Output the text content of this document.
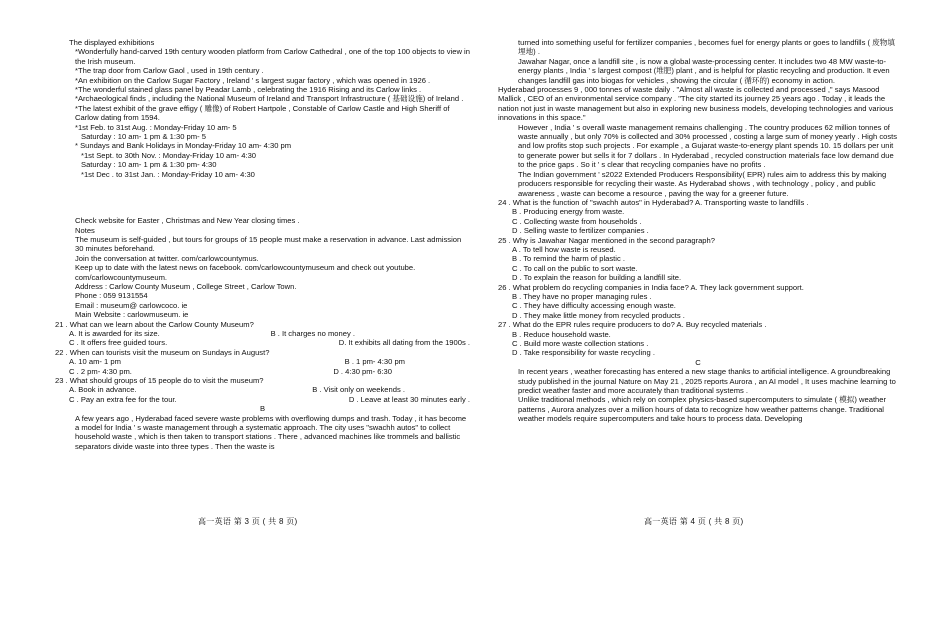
The displayed exhibitions

*Wonderfully hand-carved 19th century wooden platform from Carlow Cathedral , one of the top 100 objects to view in the Irish museum.

*The trap door from Carlow Gaol , used in 19th century .

*An exhibition on the Carlow Sugar Factory , Ireland ' s largest sugar factory , which was opened in 1926 .

*The wonderful stained glass panel by Peadar Lamb , celebrating the 1916 Rising and its Carlow links .

*Archaeological finds , including the National Museum of Ireland and Transport Infrastructure ( 基础设施) of Ireland .

*The latest exhibit of the grave effigy ( 雕像) of Robert Hartpole , Constable of Carlow Castle and High Sheriff of Carlow dating from 1594.

*1st Feb. to 31st Aug. : Monday-Friday 10 am- 5

Saturday : 10 am- 1 pm & 1:30 pm- 5

* Sundays and Bank Holidays in Monday-Friday 10 am- 4:30 pm

*1st Sept. to 30th Nov. : Monday-Friday 10 am- 4:30

Saturday : 10 am- 1 pm & 1:30 pm- 4:30

*1st Dec . to 31st Jan. : Monday-Friday 10 am- 4:30

Check website for Easter , Christmas and New Year closing times .

Notes

The museum is self-guided , but tours for groups of 15 people must make a reservation in advance. Last admission 30 minutes beforehand.

Join the conversation at twitter. com/carlowcountymus.

Keep up to date with the latest news on facebook. com/carlowcountymuseum and check out youtube. com/carlowcountymuseum.

Address : Carlow County Museum , College Street , Carlow Town.

Phone : 059 9131554

Email : museum@ carlowcoco. ie

Main Website : carlowmuseum. ie

21 . What can we learn about the Carlow County Museum?

A. It is awarded for its size.	B . It charges no money .
C . It offers free guided tours.	D. It exhibits all dating from the 1900s .

22 . When can tourists visit the museum on Sundays in August?

A. 10 am- 1 pm	B . 1 pm- 4:30 pm
C . 2 pm- 4:30 pm.	D . 4:30 pm- 6:30

23 . What should groups of 15 people do to visit the museum?

A. Book in advance.	B . Visit only on weekends .
C . Pay an extra fee for the tour.	D . Leave at least 30 minutes early .

B

A few years ago , Hyderabad faced severe waste problems with overflowing dumps and trash. Today , it has become a model for India ' s waste management through a systematic approach. The city uses "swachh autos" to collect household waste , which is then taken to transport stations . There , advanced machines like trommels and ballistic separators divide waste into three types . Then the waste is

turned into something useful for fertilizer companies , becomes fuel for energy plants or goes to landfills ( 废物填埋地) .

Jawahar Nagar, once a landfill site , is now a global waste-processing center. It includes two 48 MW waste-to-energy plants , India ' s largest compost (堆肥) plant , and is helpful for plastic recycling and production. It even changes landfill gas into biogas for vehicles , showing the circular ( 循环的) economy in action.

Hyderabad processes 9 , 000 tonnes of waste daily . "Almost all waste is collected and processed ," says Masood Mallick , CEO of an environmental service company . "The city started its journey 25 years ago . Today , it leads the nation not just in waste management but also in exploring new business models, developing technologies and various innovations in this space."

However , India ' s overall waste management remains challenging . The country produces 62 million tonnes of waste annually , but only 70% is collected and 30% processed , costing a large sum of money yearly . High costs and low profits stop such projects . For example , a Gujarat waste-to-energy plant spends 10. 15 dollars per unit to generate power but sells it for 7 dollars . In Hyderabad , recycled construction materials face low demand due to the price gaps . So it ' s clear that recycling companies have no profits .

The Indian government ' s2022 Extended Producers Responsibility( EPR) rules aim to address this by making producers responsible for recycling their waste. As Hyderabad shows , with technology , policy , and public awareness , waste can become a resource , paving the way for a greener future.

24 . What is the function of "swachh autos" in Hyderabad? A. Transporting waste to landfills .

B . Producing energy from waste.

C . Collecting waste from households .

D . Selling waste to fertilizer companies .

25 . Why is Jawahar Nagar mentioned in the second paragraph?

A . To tell how waste is reused.

B . To remind the harm of plastic .

C . To call on the public to sort waste.

D . To explain the reason for building a landfill site.

26 . What problem do recycling companies in India face? A. They lack government support.

B . They have no proper managing rules .

C . They have difficulty accessing enough waste.

D . They make little money from recycled products .

27 . What do the EPR rules require producers to do? A. Buy recycled materials .

B . Reduce household waste.

C . Build more waste collection stations .

D . Take responsibility for waste recycling .

C

In recent years , weather forecasting has entered a new stage thanks to artificial intelligence. A groundbreaking study published in the journal Nature on May 21 , 2025 reports Aurora , an AI model , It uses machine learning to predict weather faster and more accurately than traditional systems .

Unlike traditional methods , which rely on complex physics-based supercomputers to simulate ( 模拟) weather patterns , Aurora analyzes over a million hours of data to recognize how weather patterns change. Traditional weather models require supercomputers and take hours to process data. Developing

高一英语 第 3 页 ( 共 8 页)	高一英语 第 4 页 ( 共 8 页)
